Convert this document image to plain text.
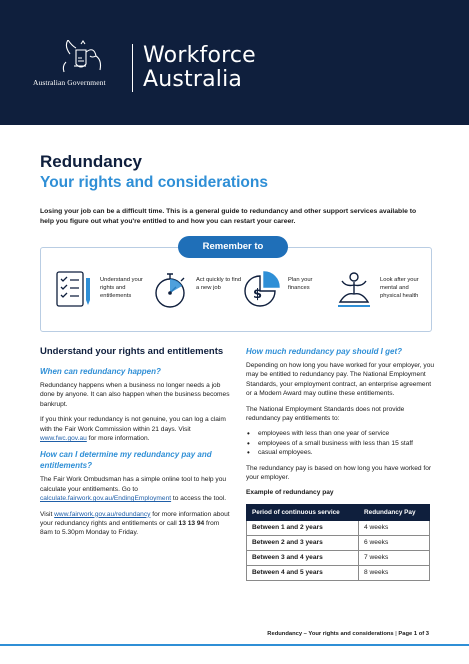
Australian Government
Workforce
Australia
Redundancy
Your rights and considerations
Losing your job can be a difficult time. This is a general guide to redundancy and other support services available to help you figure out what you're entitled to and how you can restart your career.
Remember to
Understand your rights and entitlements
Act quickly to find a new job	$
Plan your finances
Look after your mental and physical health
Understand your rights and entitlements
When can redundancy happen?

Redundancy happens when a business no longer needs a job done by anyone. It can also happen when the business becomes bankrupt.

If you think your redundancy is not genuine, you can log a claim with the Fair Work Commission within 21 days. Visit www.fwc.gov.au for more information.

How can I determine my redundancy pay and entitlements?

The Fair Work Ombudsman has a simple online tool to help you calculate your entitlements. Go to calculate.fairwork.gov.au/EndingEmployment to access the tool.

Visit www.fairwork.gov.au/redundancy for more information about your redundancy rights and entitlements or call 13 13 94 from 8am to 5.30pm Monday to Friday.

How much redundancy pay should I get?

Depending on how long you have worked for your employer, you may be entitled to redundancy pay. The National Employment Standards, your employment contract, an enterprise agreement or a Modern Award may outline these entitlements.

The National Employment Standards does not provide redundancy pay entitlements to:

• employees with less than one year of service
• employees of a small business with less than 15 staff
• casual employees.

The redundancy pay is based on how long you have worked for your employer.

Example of redundancy pay

Period of continuous service	Redundancy Pay
Between 1 and 2 years	4 weeks
Between 2 and 3 years	6 weeks
Between 3 and 4 years	7 weeks
Between 4 and 5 years	8 weeks
Redundancy – Your rights and considerations | Page 1 of 3
